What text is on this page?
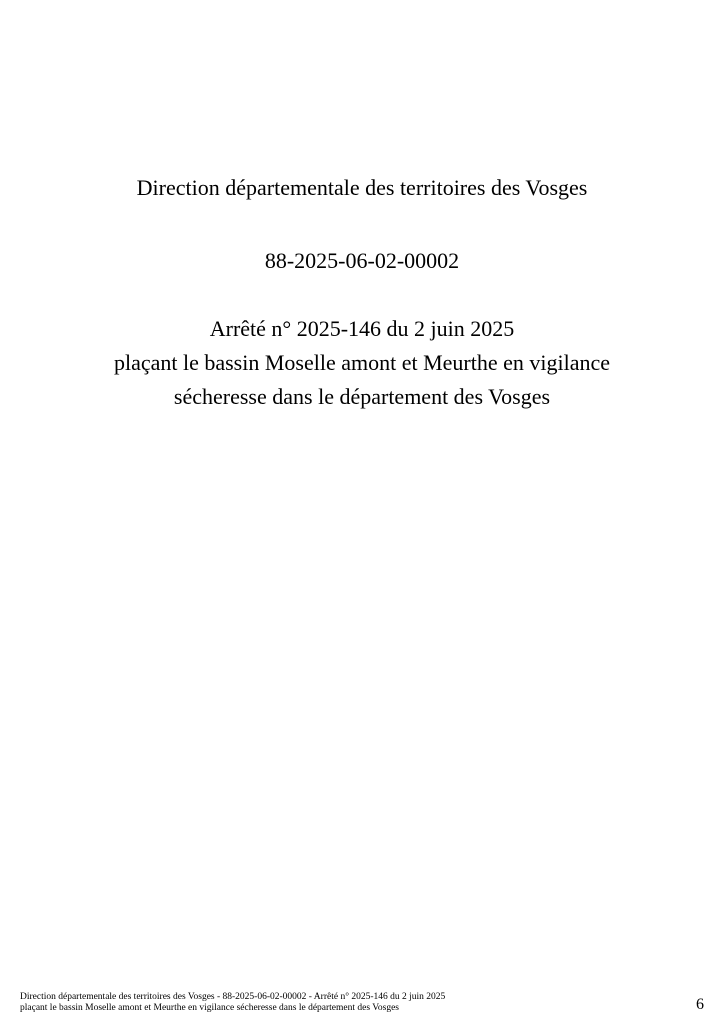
Direction départementale des territoires des Vosges
88-2025-06-02-00002
Arrêté n° 2025-146 du 2 juin 2025
plaçant le bassin Moselle amont et Meurthe en vigilance
sécheresse dans le département des Vosges
Direction départementale des territoires des Vosges - 88-2025-06-02-00002 - Arrêté n° 2025-146 du 2 juin 2025
plaçant le bassin Moselle amont et Meurthe en vigilance sécheresse dans le département des Vosges	6
